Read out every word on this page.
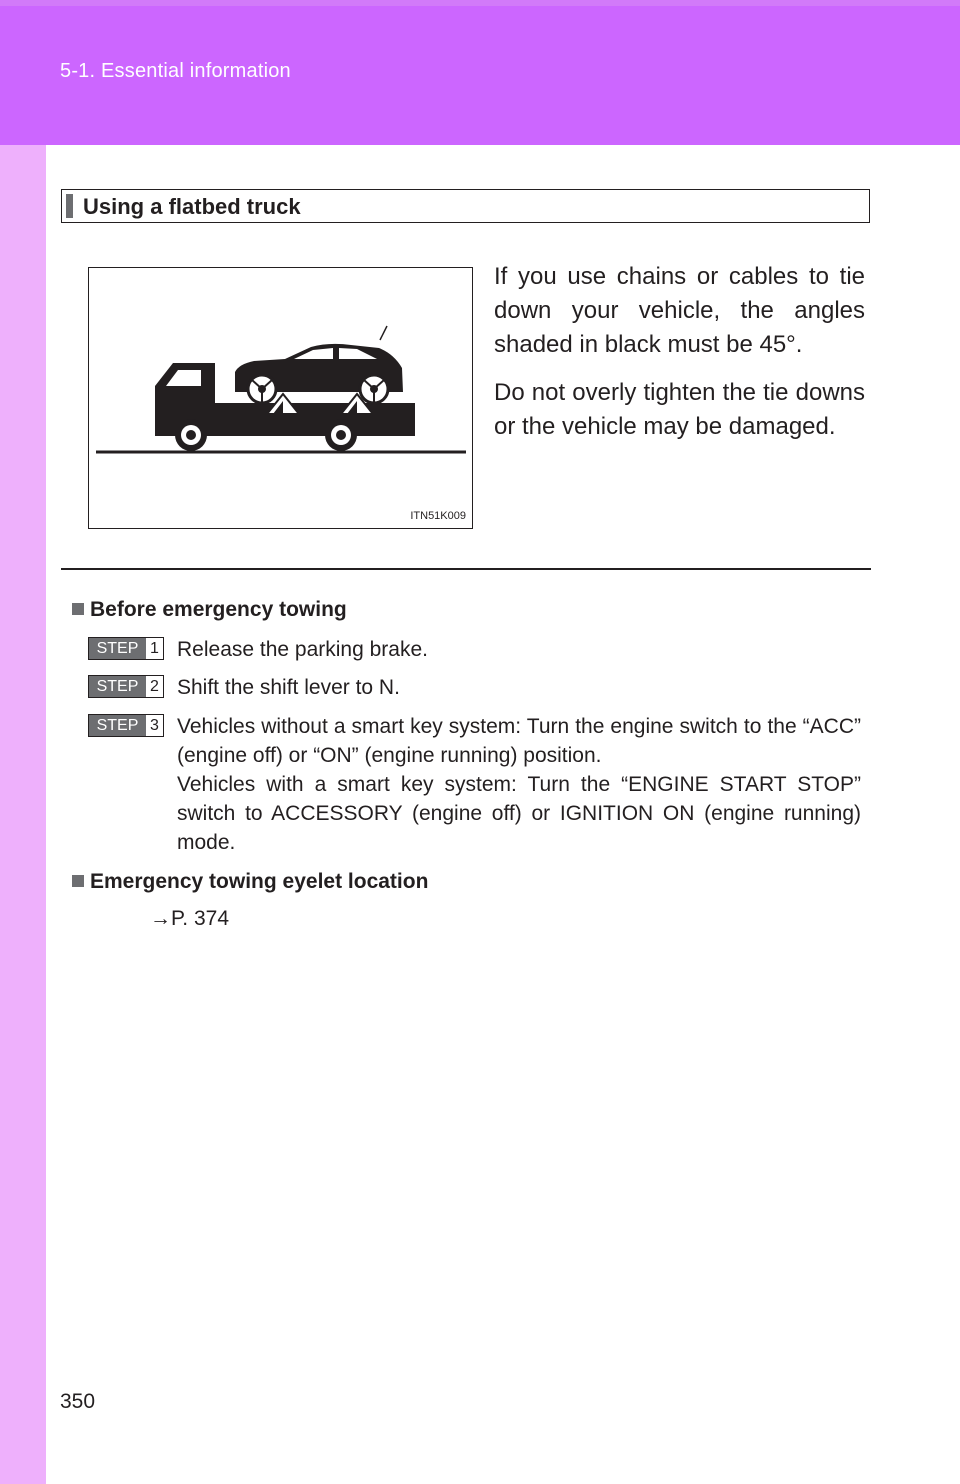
5-1. Essential information
Using a flatbed truck
ITN51K009

If you use chains or cables to tie down your vehicle, the angles shaded in black must be 45°.

Do not overly tighten the tie downs or the vehicle may be damaged.

Before emergency towing
STEP 1 Release the parking brake.
STEP 2 Shift the shift lever to N.
STEP 3 Vehicles without a smart key system: Turn the engine switch to the “ACC” (engine off) or “ON” (engine running) position.
Vehicles with a smart key system: Turn the “ENGINE START STOP” switch to ACCESSORY (engine off) or IGNITION ON (engine running) mode.
Emergency towing eyelet location
→P. 374
350
